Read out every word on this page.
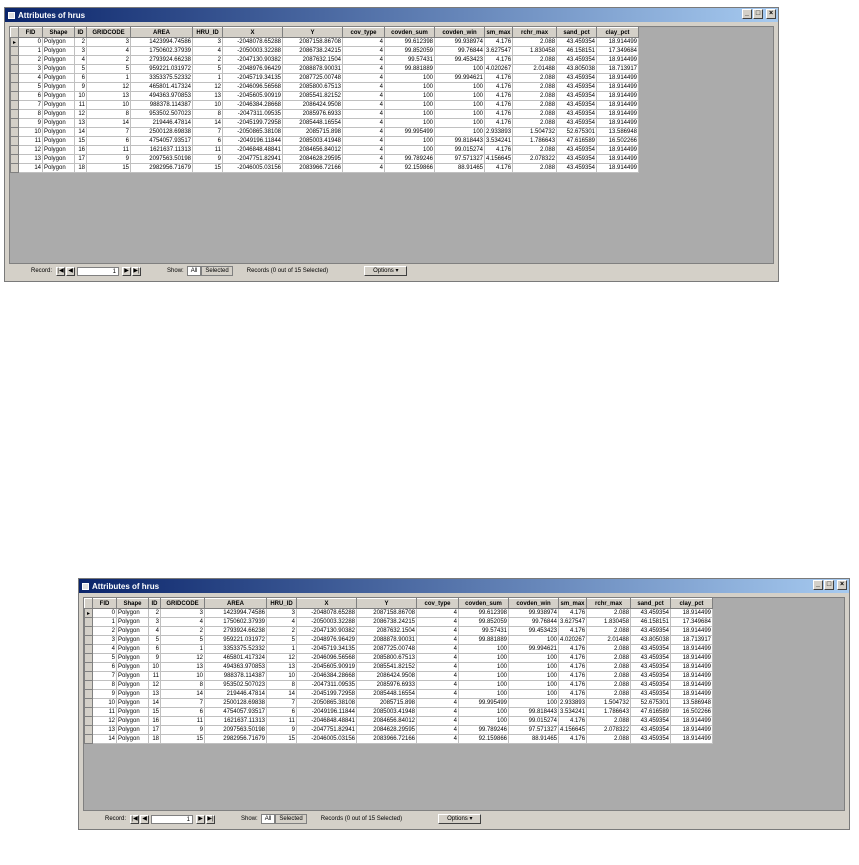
Attributes of hrus	_ □	×
	FID	Shape	ID	GRIDCODE	AREA	HRU_ID	X	Y	cov_type	covden_sum	covden_win	sm_max	rchr_max	sand_pct	clay_pct
▸	0	Polygon	2	3	1423994.74586	3	-2048078.65288	2087158.86708	4	99.612398	99.938974	4.176	2.088	43.459354	18.914499
	1	Polygon	3	4	1750602.37939	4	-2050003.32288	2086738.24215	4	99.852059	99.76844	3.627547	1.830458	46.158151	17.349684
	2	Polygon	4	2	2793924.66238	2	-2047130.90382	2087632.1504	4	99.57431	99.453423	4.176	2.088	43.459354	18.914499
	3	Polygon	5	5	959221.031972	5	-2048976.96429	2088878.90031	4	99.881889	100	4.020267	2.01488	43.805038	18.713917
	4	Polygon	6	1	3353375.52332	1	-2045719.34135	2087725.00748	4	100	99.994621	4.176	2.088	43.459354	18.914499
	5	Polygon	9	12	465801.417324	12	-2046096.56568	2085800.67513	4	100	100	4.176	2.088	43.459354	18.914499
	6	Polygon	10	13	494363.970853	13	-2045605.90919	2085541.82152	4	100	100	4.176	2.088	43.459354	18.914499
	7	Polygon	11	10	988378.114387	10	-2046384.28668	2086424.9508	4	100	100	4.176	2.088	43.459354	18.914499
	8	Polygon	12	8	953502.507023	8	-2047311.09535	2085976.6933	4	100	100	4.176	2.088	43.459354	18.914499
	9	Polygon	13	14	219446.47814	14	-2045199.72958	2085448.16554	4	100	100	4.176	2.088	43.459354	18.914499
	10	Polygon	14	7	2500128.69838	7	-2050865.38108	2085715.898	4	99.995499	100	2.933893	1.504732	52.675301	13.586948
	11	Polygon	15	6	4754057.93517	6	-2049196.11844	2085003.41948	4	100	99.818443	3.534241	1.786643	47.616589	16.502266
	12	Polygon	16	11	1621637.11313	11	-2046848.48841	2084656.84012	4	100	99.015274	4.176	2.088	43.459354	18.914499
	13	Polygon	17	9	2097563.50198	9	-2047751.82941	2084628.29595	4	99.789246	97.571327	4.156645	2.078322	43.459354	18.914499
	14	Polygon	18	15	2982956.71679	15	-2046005.03156	2083966.72166	4	92.159866	88.91465	4.176	2.088	43.459354	18.914499
Record: |◀ ◀	1	▶ ▶|	Show:	All	Selected	Records (0 out of 15 Selected)	Options ▾
Attributes of hrus	_ □	×
	FID	Shape	ID	GRIDCODE	AREA	HRU_ID	X	Y	cov_type	covden_sum	covden_win	sm_max	rchr_max	sand_pct	clay_pct
▸	0	Polygon	2	3	1423994.74586	3	-2048078.65288	2087158.86708	4	99.612398	99.938974	4.176	2.088	43.459354	18.914499
	1	Polygon	3	4	1750602.37939	4	-2050003.32288	2086738.24215	4	99.852059	99.76844	3.627547	1.830458	46.158151	17.349684
	2	Polygon	4	2	2793924.66238	2	-2047130.90382	2087632.1504	4	99.57431	99.453423	4.176	2.088	43.459354	18.914499
	3	Polygon	5	5	959221.031972	5	-2048976.96429	2088878.90031	4	99.881889	100	4.020267	2.01488	43.805038	18.713917
	4	Polygon	6	1	3353375.52332	1	-2045719.34135	2087725.00748	4	100	99.994621	4.176	2.088	43.459354	18.914499
	5	Polygon	9	12	465801.417324	12	-2046096.56568	2085800.67513	4	100	100	4.176	2.088	43.459354	18.914499
	6	Polygon	10	13	494363.970853	13	-2045605.90919	2085541.82152	4	100	100	4.176	2.088	43.459354	18.914499
	7	Polygon	11	10	988378.114387	10	-2046384.28668	2086424.9508	4	100	100	4.176	2.088	43.459354	18.914499
	8	Polygon	12	8	953502.507023	8	-2047311.09535	2085976.6933	4	100	100	4.176	2.088	43.459354	18.914499
	9	Polygon	13	14	219446.47814	14	-2045199.72958	2085448.16554	4	100	100	4.176	2.088	43.459354	18.914499
	10	Polygon	14	7	2500128.69838	7	-2050865.38108	2085715.898	4	99.995499	100	2.933893	1.504732	52.675301	13.586948
	11	Polygon	15	6	4754057.93517	6	-2049196.11844	2085003.41948	4	100	99.818443	3.534241	1.786643	47.616589	16.502266
	12	Polygon	16	11	1621637.11313	11	-2046848.48841	2084656.84012	4	100	99.015274	4.176	2.088	43.459354	18.914499
	13	Polygon	17	9	2097563.50198	9	-2047751.82941	2084628.29595	4	99.789246	97.571327	4.156645	2.078322	43.459354	18.914499
	14	Polygon	18	15	2982956.71679	15	-2046005.03156	2083966.72166	4	92.159866	88.91465	4.176	2.088	43.459354	18.914499
Record: |◀ ◀	1	▶ ▶|	Show:	All	Selected	Records (0 out of 15 Selected)	Options ▾
